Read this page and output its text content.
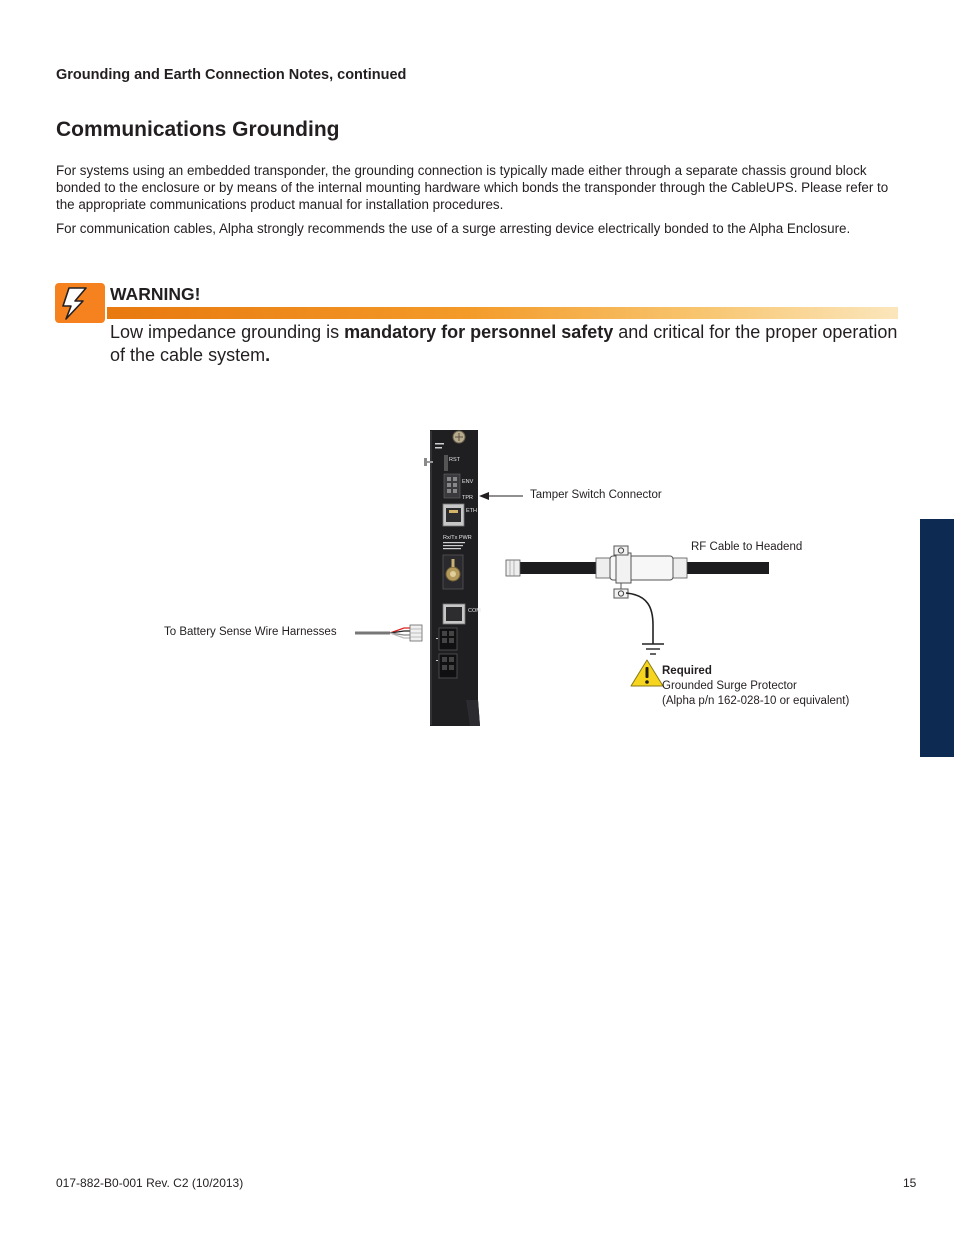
Grounding and Earth Connection Notes, continued
Communications Grounding
For systems using an embedded transponder, the grounding connection is typically made either through a separate chassis ground block bonded to the enclosure or by means of the internal mounting hardware which bonds the transponder through the CableUPS. Please refer to the appropriate communications product manual for installation procedures.
For communication cables, Alpha strongly recommends the use of a surge arresting device electrically bonded to the Alpha Enclosure.
WARNING!
Low impedance grounding is mandatory for personnel safety and critical for the proper operation of the cable system.
RST
ENV
TPR
ETH
Rx/Tx PWR
COM
Tamper Switch Connector
RF Cable to Headend
To Battery Sense Wire Harnesses
Required
Grounded Surge Protector
(Alpha p/n 162-028-10 or equivalent)
017-882-B0-001 Rev. C2 (10/2013)	15
